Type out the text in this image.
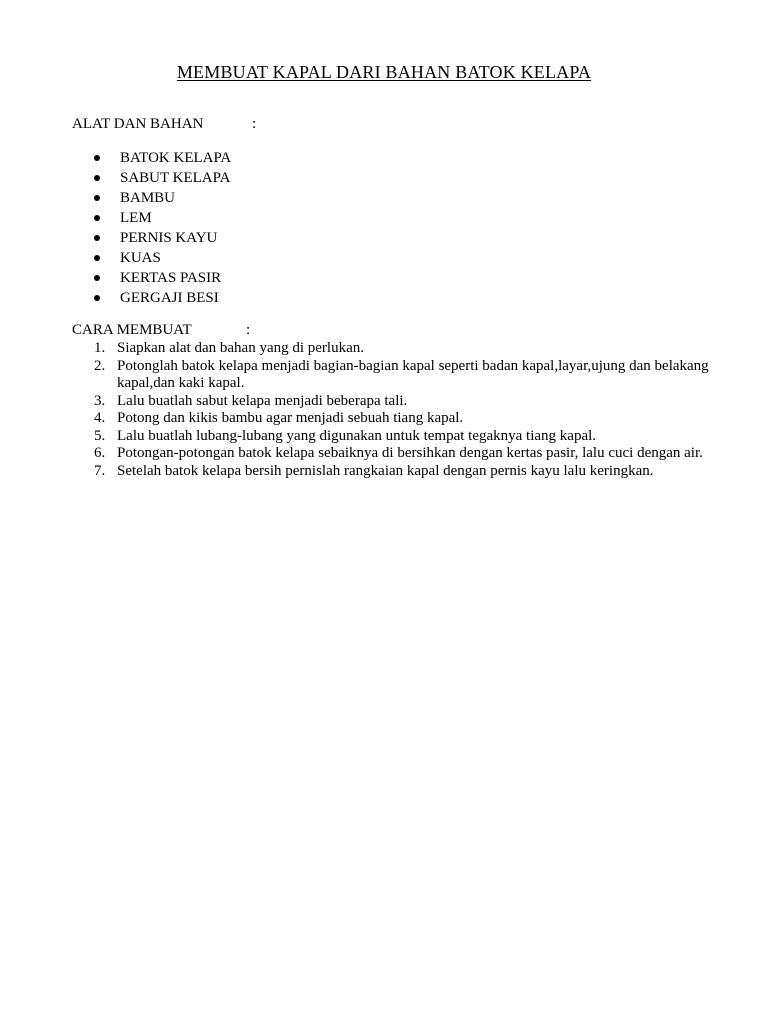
MEMBUAT KAPAL DARI BAHAN BATOK KELAPA
ALAT DAN BAHAN	:
BATOK KELAPA
SABUT KELAPA
BAMBU
LEM
PERNIS KAYU
KUAS
KERTAS PASIR
GERGAJI BESI
CARA MEMBUAT	:
1. Siapkan alat dan bahan yang di perlukan.
2. Potonglah batok kelapa menjadi bagian-bagian kapal seperti badan kapal,layar,ujung dan belakang kapal,dan kaki kapal.
3. Lalu buatlah sabut kelapa menjadi beberapa tali.
4. Potong dan kikis bambu agar menjadi sebuah tiang kapal.
5. Lalu buatlah lubang-lubang yang digunakan untuk tempat tegaknya tiang kapal.
6. Potongan-potongan batok kelapa sebaiknya di bersihkan dengan kertas pasir, lalu cuci dengan air.
7. Setelah batok kelapa bersih pernislah rangkaian kapal dengan pernis kayu lalu keringkan.
